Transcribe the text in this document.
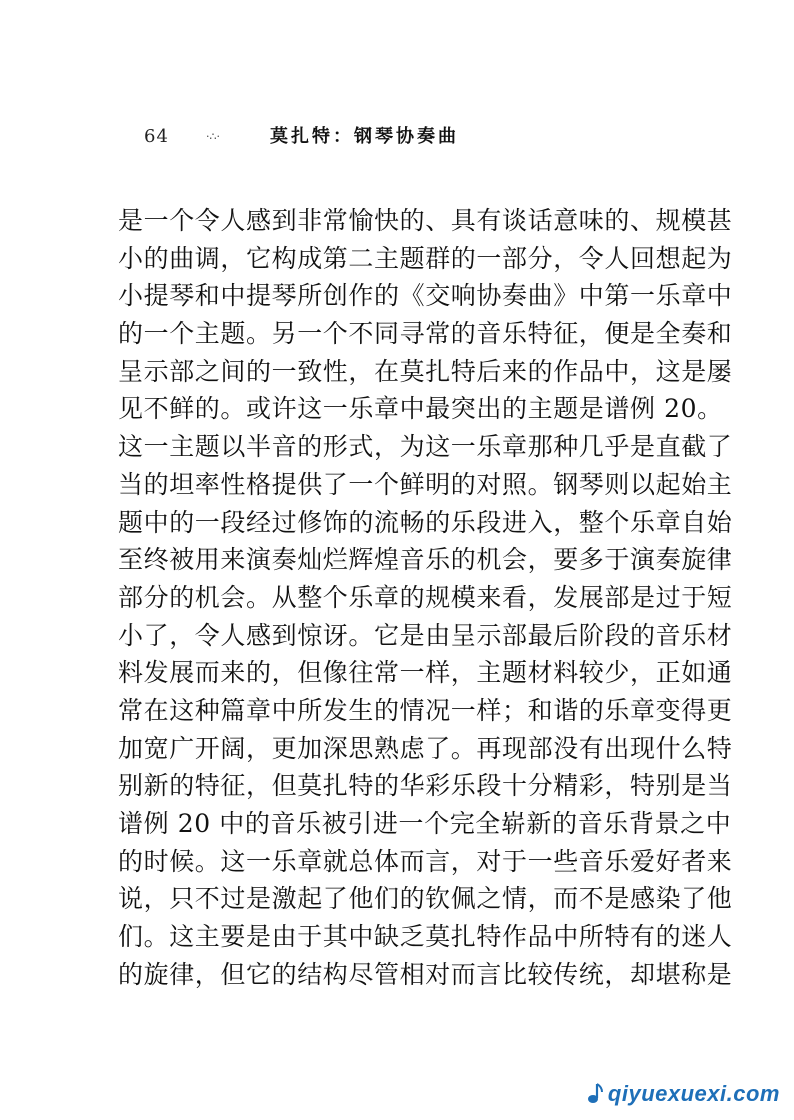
64	·∴·	莫扎特：钢琴协奏曲
是一个令人感到非常愉快的、具有谈话意味的、规模甚
小的曲调，它构成第二主题群的一部分，令人回想起为
小提琴和中提琴所创作的《交响协奏曲》中第一乐章中
的一个主题。另一个不同寻常的音乐特征，便是全奏和
呈示部之间的一致性，在莫扎特后来的作品中，这是屡
见不鲜的。或许这一乐章中最突出的主题是谱例 20。
这一主题以半音的形式，为这一乐章那种几乎是直截了
当的坦率性格提供了一个鲜明的对照。钢琴则以起始主
题中的一段经过修饰的流畅的乐段进入，整个乐章自始
至终被用来演奏灿烂辉煌音乐的机会，要多于演奏旋律
部分的机会。从整个乐章的规模来看，发展部是过于短
小了，令人感到惊讶。它是由呈示部最后阶段的音乐材
料发展而来的，但像往常一样，主题材料较少，正如通
常在这种篇章中所发生的情况一样；和谐的乐章变得更
加宽广开阔，更加深思熟虑了。再现部没有出现什么特
别新的特征，但莫扎特的华彩乐段十分精彩，特别是当
谱例 20 中的音乐被引进一个完全崭新的音乐背景之中
的时候。这一乐章就总体而言，对于一些音乐爱好者来
说，只不过是激起了他们的钦佩之情，而不是感染了他
们。这主要是由于其中缺乏莫扎特作品中所特有的迷人
的旋律，但它的结构尽管相对而言比较传统，却堪称是
qiyuexuexi.com
